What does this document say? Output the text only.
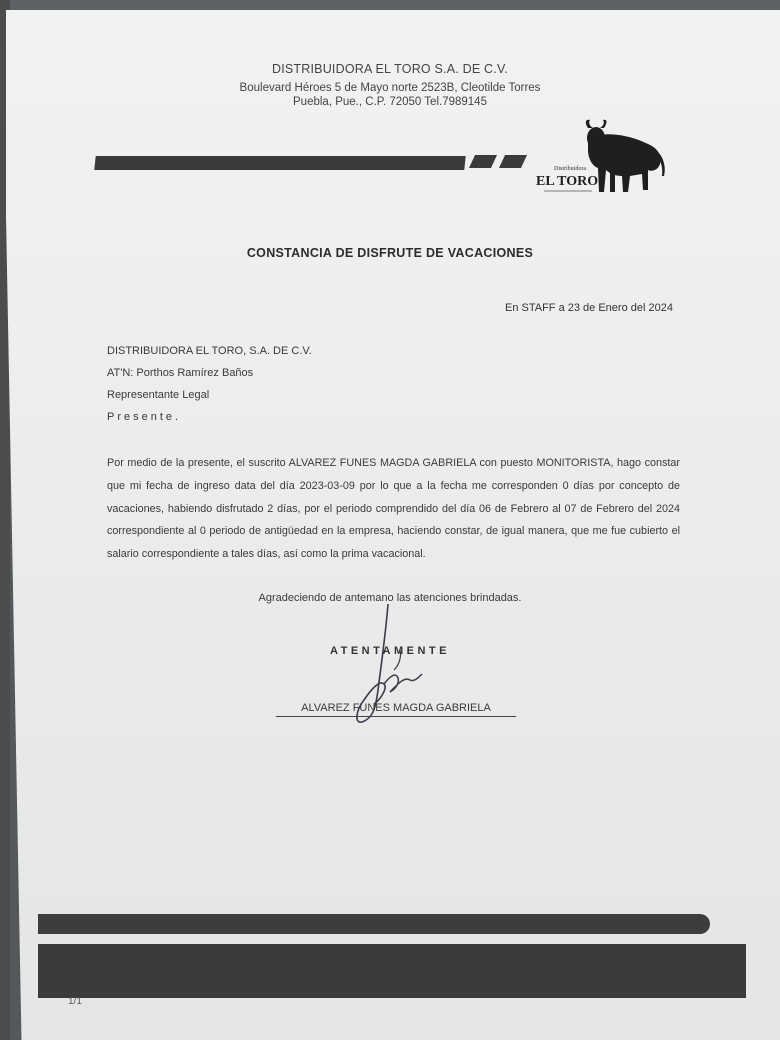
DISTRIBUIDORA EL TORO S.A. DE C.V.
Boulevard Héroes 5 de Mayo norte 2523B, Cleotilde Torres
Puebla, Pue., C.P. 72050 Tel.7989145
Distribuidora
EL TORO
CONSTANCIA DE DISFRUTE DE VACACIONES
En STAFF a 23 de Enero del 2024
DISTRIBUIDORA EL TORO, S.A. DE C.V.
AT'N: Porthos Ramírez Baños
Representante Legal
Presente.
Por medio de la presente, el suscrito ALVAREZ FUNES MAGDA GABRIELA con puesto MONITORISTA, hago constar que mi fecha de ingreso data del día 2023-03-09 por lo que a la fecha me corresponden 0 días por concepto de vacaciones, habiendo disfrutado 2 días, por el periodo comprendido del día 06 de Febrero al 07 de Febrero del 2024 correspondiente al 0 periodo de antigüedad en la empresa, haciendo constar, de igual manera, que me fue cubierto el salario correspondiente a tales días, así como la prima vacacional.
Agradeciendo de antemano las atenciones brindadas.
ATENTAMENTE
ALVAREZ FUNES MAGDA GABRIELA
1/1
